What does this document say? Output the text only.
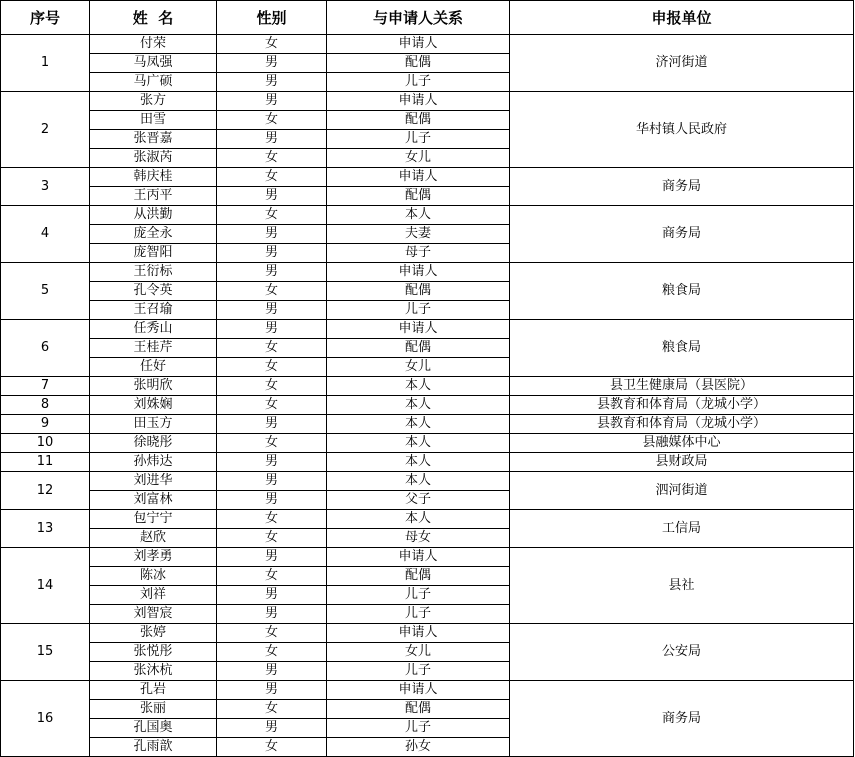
序号	姓  名	性别	与申请人关系	申报单位
1	付荣	女	申请人	济河街道
	马凤强	男	配偶	
	马广硕	男	儿子	
2	张方	男	申请人	华村镇人民政府
	田雪	女	配偶	
	张晋嘉	男	儿子	
	张淑芮	女	女儿	
3	韩庆桂	女	申请人	商务局
	王丙平	男	配偶	
4	从洪勤	女	本人	商务局
	庞全永	男	夫妻	
	庞智阳	男	母子	
5	王衍标	男	申请人	粮食局
	孔令英	女	配偶	
	王召瑜	男	儿子	
6	任秀山	男	申请人	粮食局
	王桂芹	女	配偶	
	任好	女	女儿	
7	张明欣	女	本人	县卫生健康局（县医院）
8	刘姝娴	女	本人	县教育和体育局（龙城小学）
9	田玉方	男	本人	县教育和体育局（龙城小学）
10	徐晓彤	女	本人	县融媒体中心
11	孙炜达	男	本人	县财政局
12	刘进华	男	本人	泗河街道
	刘富林	男	父子	
13	包宁宁	女	本人	工信局
	赵欣	女	母女	
14	刘孝勇	男	申请人	县社
	陈冰	女	配偶	
	刘祥	男	儿子	
	刘智宸	男	儿子	
15	张婷	女	申请人	公安局
	张悦彤	女	女儿	
	张沐杭	男	儿子	
16	孔岩	男	申请人	商务局
	张丽	女	配偶	
	孔国奥	男	儿子	
	孔雨歆	女	孙女	
